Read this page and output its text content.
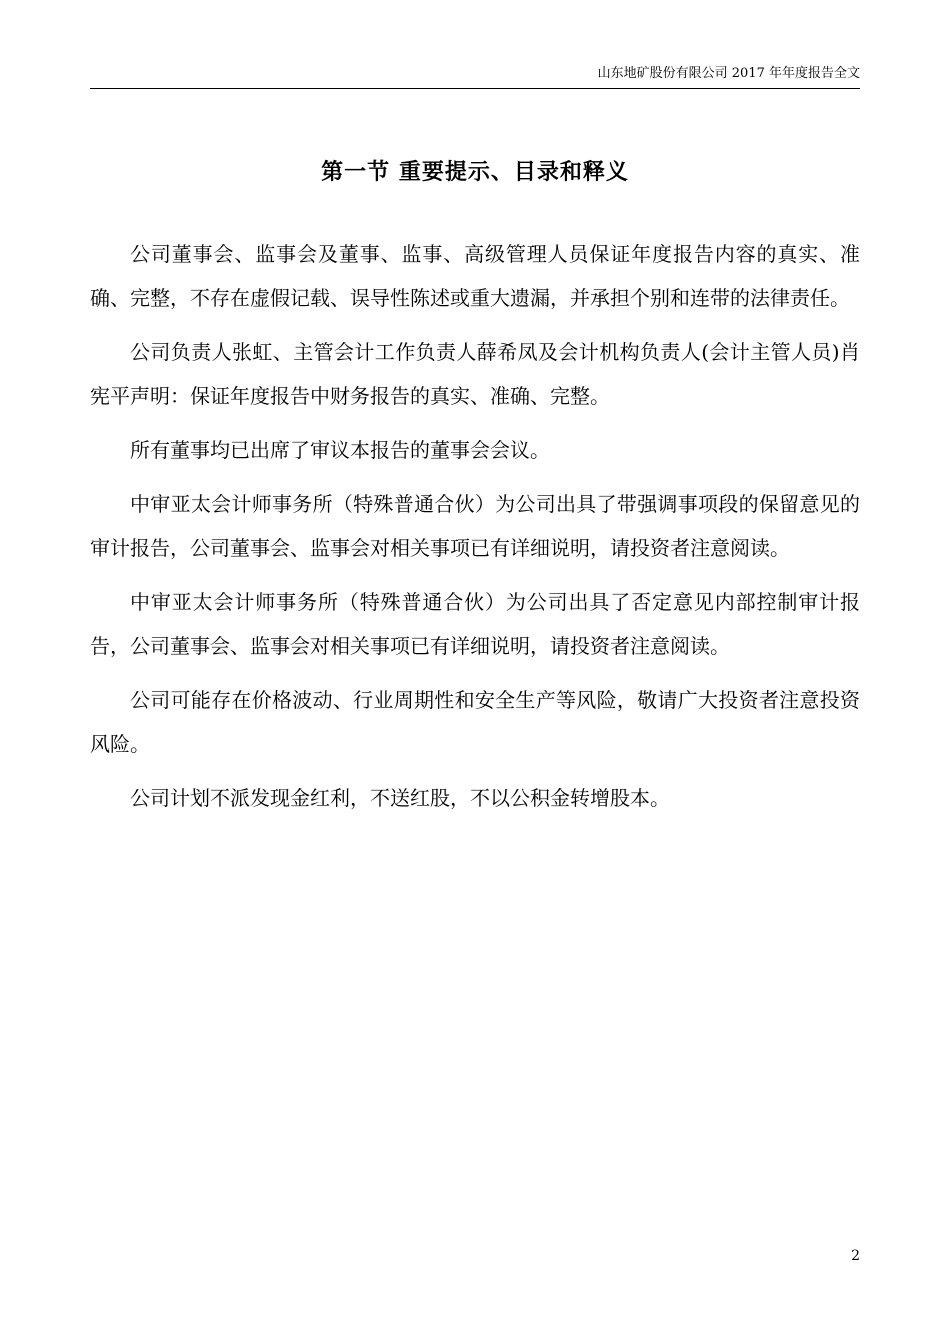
山东地矿股份有限公司 2017 年年度报告全文
第一节 重要提示、目录和释义

公司董事会、监事会及董事、监事、高级管理人员保证年度报告内容的真实、准确、完整，不存在虚假记载、误导性陈述或重大遗漏，并承担个别和连带的法律责任。

公司负责人张虹、主管会计工作负责人薛希凤及会计机构负责人(会计主管人员)肖宪平声明：保证年度报告中财务报告的真实、准确、完整。

所有董事均已出席了审议本报告的董事会会议。

中审亚太会计师事务所（特殊普通合伙）为公司出具了带强调事项段的保留意见的审计报告，公司董事会、监事会对相关事项已有详细说明，请投资者注意阅读。

中审亚太会计师事务所（特殊普通合伙）为公司出具了否定意见内部控制审计报告，公司董事会、监事会对相关事项已有详细说明，请投资者注意阅读。

公司可能存在价格波动、行业周期性和安全生产等风险，敬请广大投资者注意投资风险。

公司计划不派发现金红利，不送红股，不以公积金转增股本。

2
